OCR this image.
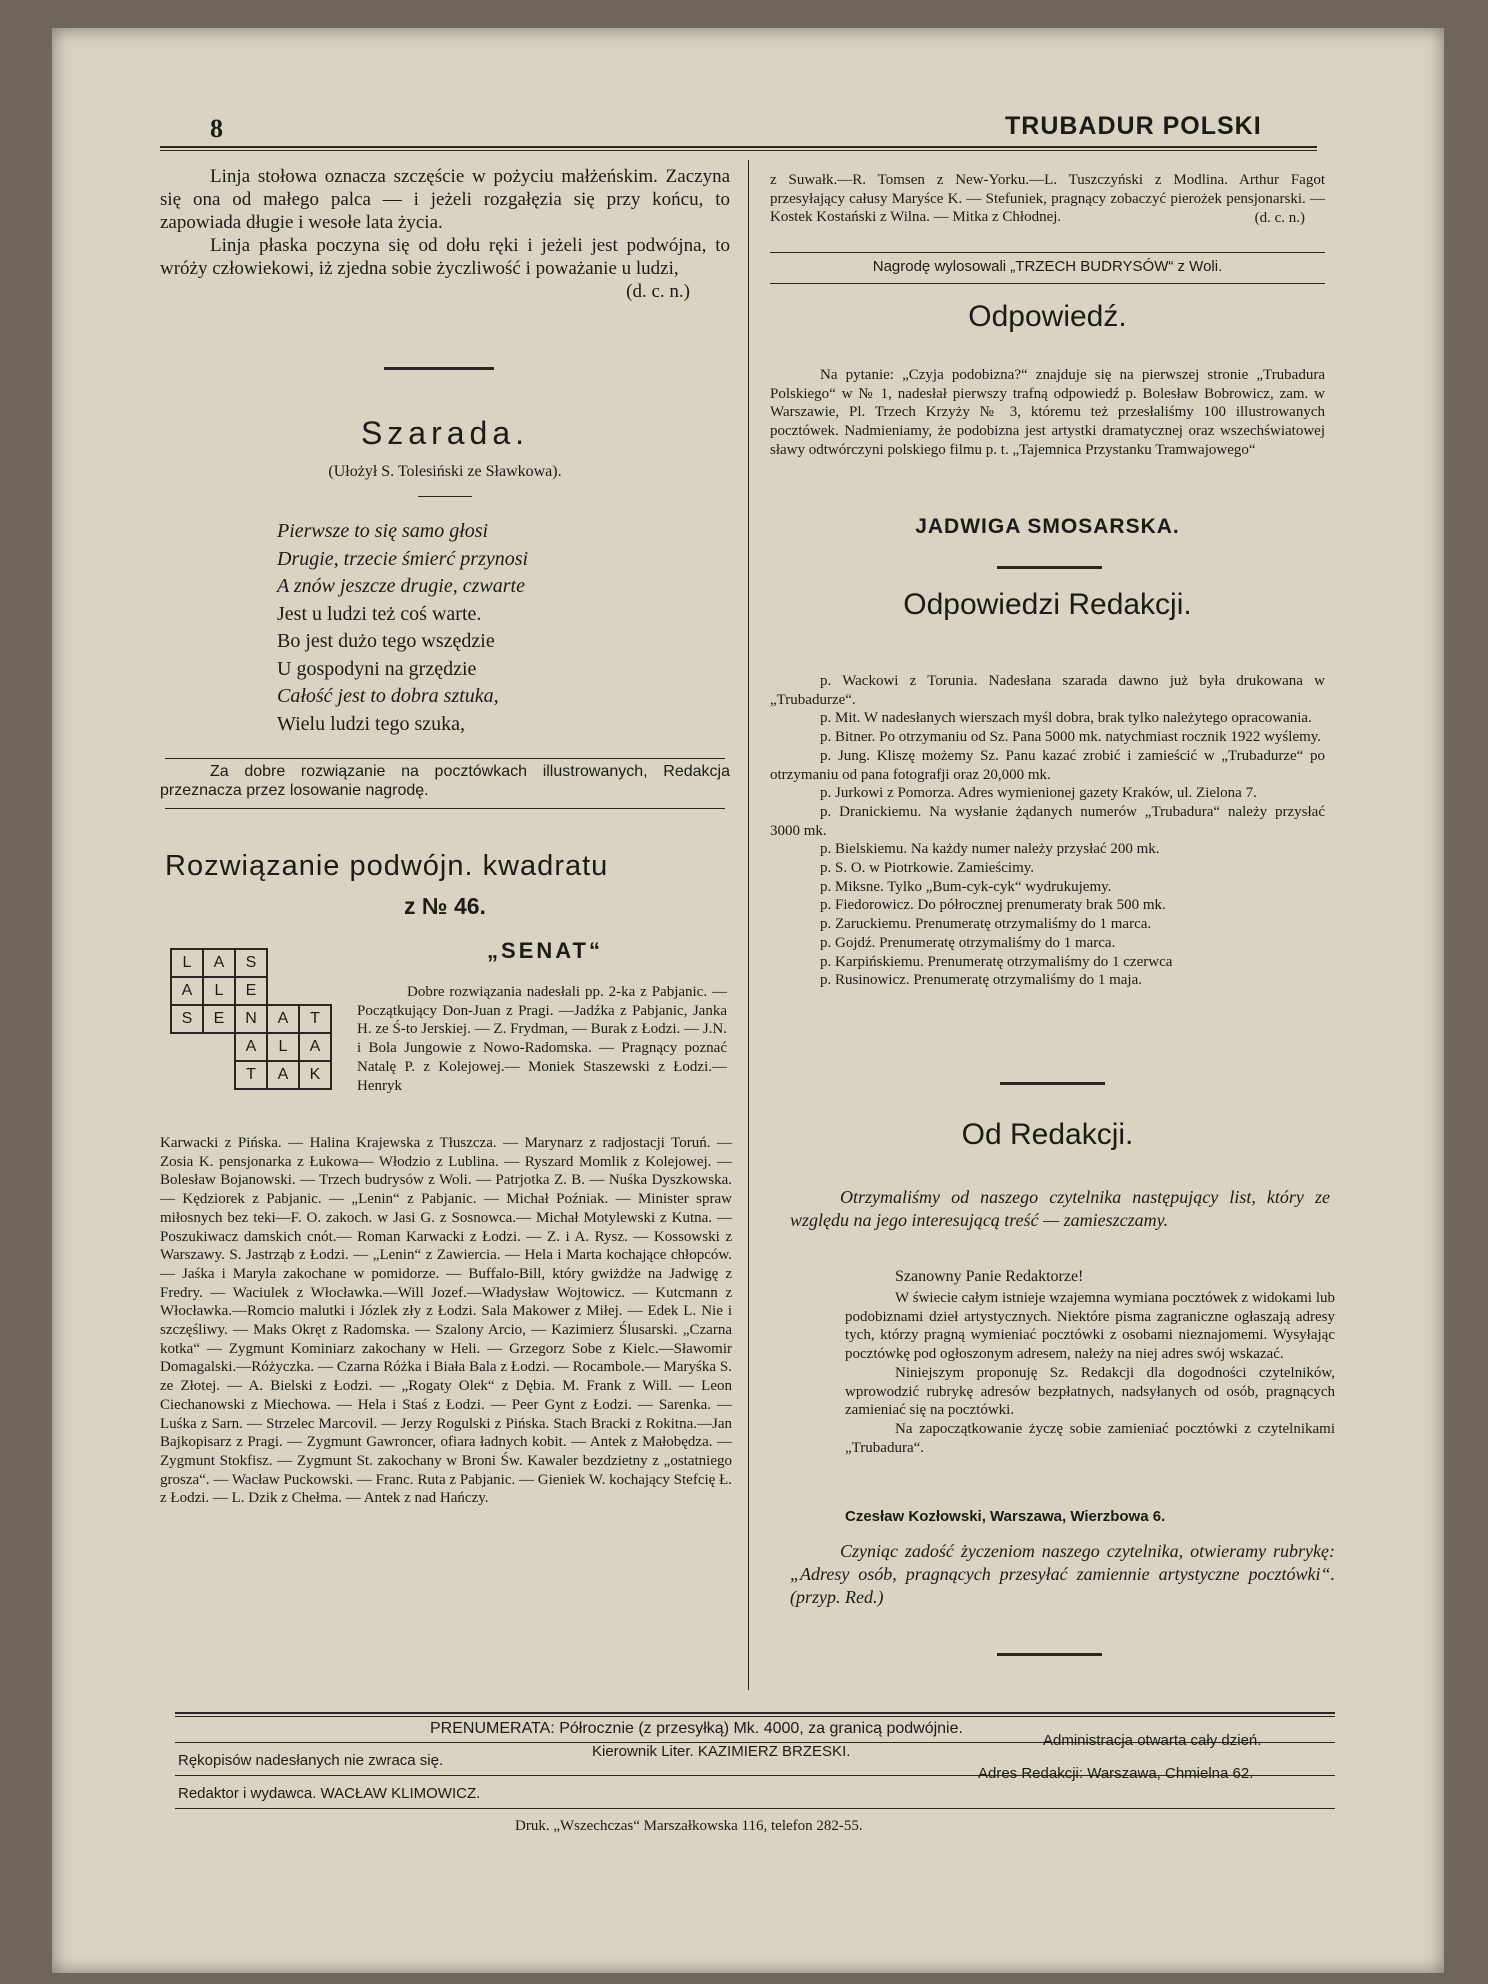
8	TRUBADUR POLSKI

Linja stołowa oznacza szczęście w pożyciu małżeńskim. Zaczyna się ona od małego palca — i jeżeli rozgałęzia się przy końcu, to zapowiada długie i wesołe lata życia.

Linja płaska poczyna się od dołu ręki i jeżeli jest podwójna, to wróży człowiekowi, iż zjedna sobie życzliwość i poważanie u ludzi,

(d. c. n.)

Szarada.
(Ułożył S. Tolesiński ze Sławkowa).

Pierwsze to się samo głosi

Drugie, trzecie śmierć przynosi

A znów jeszcze drugie, czwarte

Jest u ludzi też coś warte.

Bo jest dużo tego wszędzie

U gospodyni na grzędzie

Całość jest to dobra sztuka,

Wielu ludzi tego szuka,

Za dobre rozwiązanie na pocztówkach illustrowanych, Redakcja przeznacza przez losowanie nagrodę.

Rozwiązanie podwójn. kwadratu
z № 46.
L	A	S		
A	L	E		
S	E	N	A	T
		A	L	A
		T	A	K
„SENAT“

Dobre rozwiązania nadesłali pp. 2-ka z Pabjanic. — Początkujący Don-Juan z Pragi. —Jadźka z Pabjanic, Janka H. ze Ś-to Jerskiej. — Z. Frydman, — Burak z Łodzi. — J.N. i Bola Jungowie z Nowo-Radomska. — Pragnący poznać Natalę P. z Kolejowej.— Moniek Staszewski z Łodzi.— Henryk

Karwacki z Pińska. — Halina Krajewska z Tłuszcza. — Marynarz z radjostacji Toruń. — Zosia K. pensjonarka z Łukowa— Włodzio z Lublina. — Ryszard Momlik z Kolejowej. — Bolesław Bojanowski. — Trzech budrysów z Woli. — Patrjotka Z. B. — Nuśka Dyszkowska. — Kędziorek z Pabjanic. — „Lenin“ z Pabjanic. — Michał Poźniak. — Minister spraw miłosnych bez teki—F. O. zakoch. w Jasi G. z Sosnowca.— Michał Motylewski z Kutna. — Poszukiwacz damskich cnót.— Roman Karwacki z Łodzi. — Z. i A. Rysz. — Kossowski z Warszawy. S. Jastrząb z Łodzi. — „Lenin“ z Zawiercia. — Hela i Marta kochające chłopców. — Jaśka i Maryla zakochane w pomidorze. — Buffalo-Bill, który gwiżdże na Jadwigę z Fredry. — Waciulek z Włocławka.—Will Jozef.—Władysław Wojtowicz. — Kutcmann z Włocławka.—Romcio malutki i Józlek zły z Łodzi. Sala Makower z Miłej. — Edek L. Nie i szczęśliwy. — Maks Okręt z Radomska. — Szalony Arcio, — Kazimierz Ślusarski. „Czarna kotka“ — Zygmunt Kominiarz zakochany w Heli. — Grzegorz Sobe z Kielc.—Sławomir Domagalski.—Różyczka. — Czarna Różka i Biała Bala z Łodzi. — Rocambole.— Maryśka S. ze Złotej. — A. Bielski z Łodzi. — „Rogaty Olek“ z Dębia. M. Frank z Will. — Leon Ciechanowski z Miechowa. — Hela i Staś z Łodzi. — Peer Gynt z Łodzi. — Sarenka. — Luśka z Sarn. — Strzelec Marcovil. — Jerzy Rogulski z Pińska. Stach Bracki z Rokitna.—Jan Bajkopisarz z Pragi. — Zygmunt Gawroncer, ofiara ładnych kobit. — Antek z Małobędza. — Zygmunt Stokfisz. — Zygmunt St. zakochany w Broni Św. Kawaler bezdzietny z „ostatniego grosza“. — Wacław Puckowski. — Franc. Ruta z Pabjanic. — Gieniek W. kochający Stefcię Ł. z Łodzi. — L. Dzik z Chełma. — Antek z nad Hańczy.

z Suwałk.—R. Tomsen z New-Yorku.—L. Tuszczyński z Modlina. Arthur Fagot przesyłający całusy Maryśce K. — Stefuniek, pragnący zobaczyć pierożek pensjonarski. —Kostek Kostański z Wilna. — Mitka z Chłodnej.	(d. c. n.)

Nagrodę wylosowali „TRZECH BUDRYSÓW“ z Woli.
Odpowiedź.

Na pytanie: „Czyja podobizna?“ znajduje się na pierwszej stronie „Trubadura Polskiego“ w № 1, nadesłał pierwszy trafną odpowiedź p. Bolesław Bobrowicz, zam. w Warszawie, Pl. Trzech Krzyży № 3, któremu też przesłaliśmy 100 illustrowanych pocztówek. Nadmieniamy, że podobizna jest artystki dramatycznej oraz wszechświatowej sławy odtwórczyni polskiego filmu p. t. „Tajemnica Przystanku Tramwajowego“

JADWIGA SMOSARSKA.
Odpowiedzi Redakcji.

p. Wackowi z Torunia. Nadesłana szarada dawno już była drukowana w „Trubadurze“.

p. Mit. W nadesłanych wierszach myśl dobra, brak tylko należytego opracowania.

p. Bitner. Po otrzymaniu od Sz. Pana 5000 mk. natychmiast rocznik 1922 wyślemy.

p. Jung. Kliszę możemy Sz. Panu kazać zrobić i zamieścić w „Trubadurze“ po otrzymaniu od pana fotografji oraz 20,000 mk.

p. Jurkowi z Pomorza. Adres wymienionej gazety Kraków, ul. Zielona 7.

p. Dranickiemu. Na wysłanie żądanych numerów „Trubadura“ należy przysłać 3000 mk.

p. Bielskiemu. Na każdy numer należy przysłać 200 mk.

p. S. O. w Piotrkowie. Zamieścimy.

p. Miksne. Tylko „Bum-cyk-cyk“ wydrukujemy.

p. Fiedorowicz. Do półrocznej prenumeraty brak 500 mk.

p. Zaruckiemu. Prenumeratę otrzymaliśmy do 1 marca.

p. Gojdź. Prenumeratę otrzymaliśmy do 1 marca.

p. Karpińskiemu. Prenumeratę otrzymaliśmy do 1 czerwca

p. Rusinowicz. Prenumeratę otrzymaliśmy do 1 maja.

Od Redakcji.

Otrzymaliśmy od naszego czytelnika następujący list, który ze względu na jego interesującą treść — zamieszczamy.

Szanowny Panie Redaktorze!

W świecie całym istnieje wzajemna wymiana pocztówek z widokami lub podobiznami dzieł artystycznych. Niektóre pisma zagraniczne ogłaszają adresy tych, którzy pragną wymieniać pocztówki z osobami nieznajomemi. Wysyłając pocztówkę pod ogłoszonym adresem, należy na niej adres swój wskazać.

Niniejszym proponuję Sz. Redakcji dla dogodności czytelników, wprowodzić rubrykę adresów bezpłatnych, nadsyłanych od osób, pragnących zamieniać się na pocztówki.

Na zapoczątkowanie życzę sobie zamieniać pocztówki z czytelnikami „Trubadura“.

Czesław Kozłowski, Warszawa, Wierzbowa 6.

Czyniąc zadość życzeniom naszego czytelnika, otwieramy rubrykę: „Adresy osób, pragnących przesyłać zamiennie artystyczne pocztówki“. (przyp. Red.)

PRENUMERATA: Półrocznie (z przesyłką) Mk. 4000, za granicą podwójnie.
Rękopisów nadesłanych nie zwraca się.
Kierownik Liter. KAZIMIERZ BRZESKI.
Administracja otwarta cały dzień.
Redaktor i wydawca. WACŁAW KLIMOWICZ.
Adres Redakcji: Warszawa, Chmielna 62.
Druk. „Wszechczas“ Marszałkowska 116, telefon 282-55.
